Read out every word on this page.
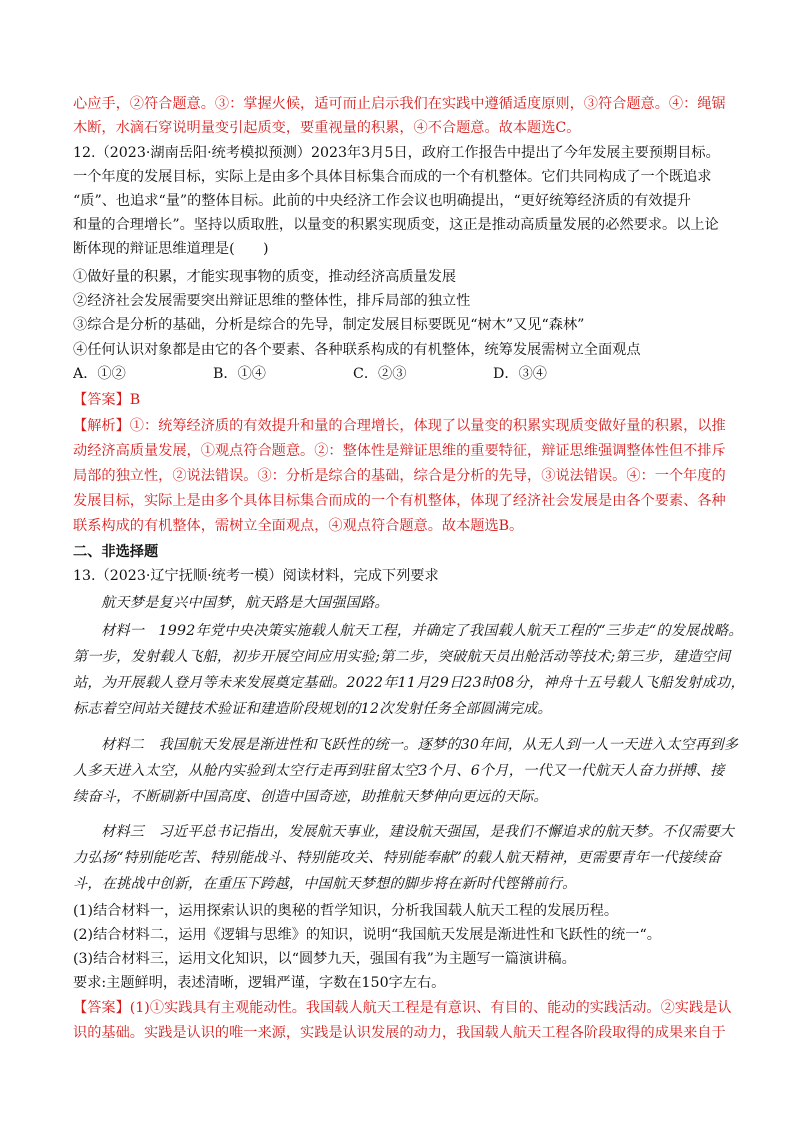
心应手，②符合题意。③：掌握火候，适可而止启示我们在实践中遵循适度原则，③符合题意。④：绳锯
木断，水滴石穿说明量变引起质变，要重视量的积累，④不合题意。故本题选C。
12.（2023·湖南岳阳·统考模拟预测）2023年3月5日，政府工作报告中提出了今年发展主要预期目标。
一个年度的发展目标，实际上是由多个具体目标集合而成的一个有机整体。它们共同构成了一个既追求
“质”、也追求“量”的整体目标。此前的中央经济工作会议也明确提出，“更好统筹经济质的有效提升
和量的合理增长”。坚持以质取胜，以量变的积累实现质变，这正是推动高质量发展的必然要求。以上论
断体现的辩证思维道理是(　　)
①做好量的积累，才能实现事物的质变，推动经济高质量发展
②经济社会发展需要突出辩证思维的整体性，排斥局部的独立性
③综合是分析的基础，分析是综合的先导，制定发展目标要既见“树木”又见“森林”
④任何认识对象都是由它的各个要素、各种联系构成的有机整体，统筹发展需树立全面观点
A．①②	B．①④	C．②③	D．③④
【答案】B
【解析】①：统筹经济质的有效提升和量的合理增长，体现了以量变的积累实现质变做好量的积累，以推
动经济高质量发展，①观点符合题意。②：整体性是辩证思维的重要特征，辩证思维强调整体性但不排斥
局部的独立性，②说法错误。③：分析是综合的基础，综合是分析的先导，③说法错误。④：一个年度的
发展目标，实际上是由多个具体目标集合而成的一个有机整体，体现了经济社会发展是由各个要素、各种
联系构成的有机整体，需树立全面观点，④观点符合题意。故本题选B。
二、非选择题
13.（2023·辽宁抚顺·统考一模）阅读材料，完成下列要求
航天梦是复兴中国梦，航天路是大国强国路。
材料一　1992年党中央决策实施载人航天工程，并确定了我国载人航天工程的“三步走“的发展战略。
第一步，发射载人飞船，初步开展空间应用实验;第二步，突破航天员出舱活动等技术;第三步，建造空间
站，为开展载人登月等未来发展奠定基础。2022年11月29日23时08分，神舟十五号载人飞船发射成功，
标志着空间站关键技术验证和建造阶段规划的12次发射任务全部圆满完成。
材料二　我国航天发展是渐进性和飞跃性的统一。逐梦的30年间，从无人到一人一天进入太空再到多
人多天进入太空，从舱内实验到太空行走再到驻留太空3个月、6个月，一代又一代航天人奋力拼搏、接
续奋斗，不断刷新中国高度、创造中国奇迹，助推航天梦伸向更远的天际。
材料三　习近平总书记指出，发展航天事业，建设航天强国，是我们不懈追求的航天梦。不仅需要大
力弘扬“特别能吃苦、特别能战斗、特别能攻关、特别能奉献”的载人航天精神，更需要青年一代接续奋
斗，在挑战中创新，在重压下跨越，中国航天梦想的脚步将在新时代铿锵前行。
(1)结合材料一，运用探索认识的奥秘的哲学知识，分析我国载人航天工程的发展历程。
(2)结合材料二，运用《逻辑与思维》的知识，说明“我国航天发展是渐进性和飞跃性的统一“。
(3)结合材料三，运用文化知识，以“圆梦九天，强国有我”为主题写一篇演讲稿。
要求:主题鲜明，表述清晰，逻辑严谨，字数在150字左右。
【答案】(1)①实践具有主观能动性。我国载人航天工程是有意识、有目的、能动的实践活动。②实践是认
识的基础。实践是认识的唯一来源，实践是认识发展的动力，我国载人航天工程各阶段取得的成果来自于
